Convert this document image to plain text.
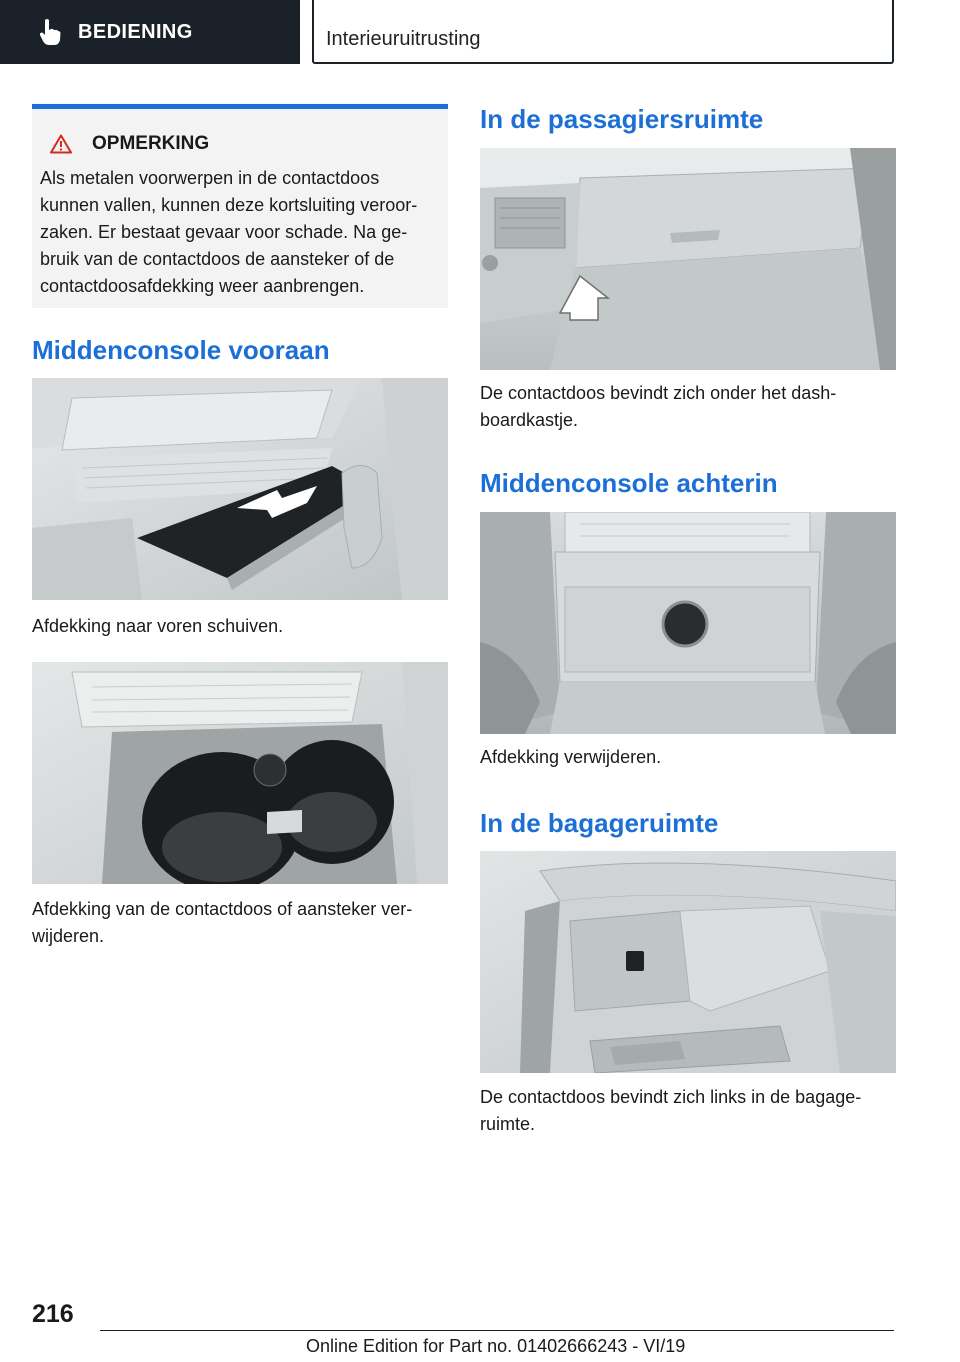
BEDIENING	Interieuruitrusting
OPMERKING
Als metalen voorwerpen in de contactdoos
kunnen vallen, kunnen deze kortsluiting veroor-
zaken. Er bestaat gevaar voor schade. Na ge-
bruik van de contactdoos de aansteker of de
contactdoosafdekking weer aanbrengen.
Middenconsole vooraan
Afdekking naar voren schuiven.
Afdekking van de contactdoos of aansteker ver-
wijderen.
In de passagiersruimte
De contactdoos bevindt zich onder het dash-
boardkastje.
Middenconsole achterin
Afdekking verwijderen.
In de bagageruimte
De contactdoos bevindt zich links in de bagage-
ruimte.
216
Online Edition for Part no. 01402666243 - VI/19
